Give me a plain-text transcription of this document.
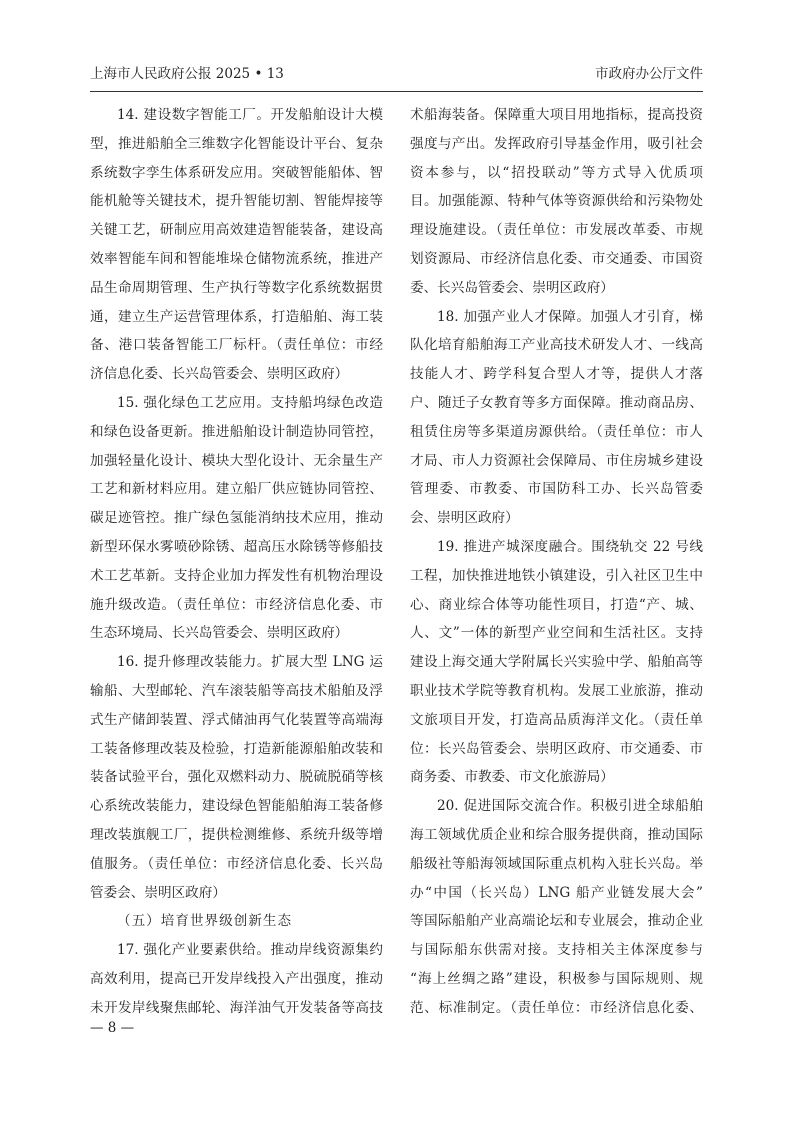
上海市人民政府公报 2025 • 13	市政府办公厅文件
14. 建设数字智能工厂。开发船舶设计大模
型，推进船舶全三维数字化智能设计平台、复杂
系统数字孪生体系研发应用。突破智能船体、智
能机舱等关键技术，提升智能切割、智能焊接等
关键工艺，研制应用高效建造智能装备，建设高
效率智能车间和智能堆垛仓储物流系统，推进产
品生命周期管理、生产执行等数字化系统数据贯
通，建立生产运营管理体系，打造船舶、海工装
备、港口装备智能工厂标杆。（责任单位：市经
济信息化委、长兴岛管委会、崇明区政府）
15. 强化绿色工艺应用。支持船坞绿色改造
和绿色设备更新。推进船舶设计制造协同管控，
加强轻量化设计、模块大型化设计、无余量生产
工艺和新材料应用。建立船厂供应链协同管控、
碳足迹管控。推广绿色氢能消纳技术应用，推动
新型环保水雾喷砂除锈、超高压水除锈等修船技
术工艺革新。支持企业加力挥发性有机物治理设
施升级改造。（责任单位：市经济信息化委、市
生态环境局、长兴岛管委会、崇明区政府）
16. 提升修理改装能力。扩展大型 LNG 运
输船、大型邮轮、汽车滚装船等高技术船舶及浮
式生产储卸装置、浮式储油再气化装置等高端海
工装备修理改装及检验，打造新能源船舶改装和
装备试验平台，强化双燃料动力、脱硫脱硝等核
心系统改装能力，建设绿色智能船舶海工装备修
理改装旗舰工厂，提供检测维修、系统升级等增
值服务。（责任单位：市经济信息化委、长兴岛
管委会、崇明区政府）
（五）培育世界级创新生态
17. 强化产业要素供给。推动岸线资源集约
高效利用，提高已开发岸线投入产出强度，推动
未开发岸线聚焦邮轮、海洋油气开发装备等高技
术船海装备。保障重大项目用地指标，提高投资
强度与产出。发挥政府引导基金作用，吸引社会
资本参与，以“招投联动”等方式导入优质项
目。加强能源、特种气体等资源供给和污染物处
理设施建设。（责任单位：市发展改革委、市规
划资源局、市经济信息化委、市交通委、市国资
委、长兴岛管委会、崇明区政府）
18. 加强产业人才保障。加强人才引育，梯
队化培育船舶海工产业高技术研发人才、一线高
技能人才、跨学科复合型人才等，提供人才落
户、随迁子女教育等多方面保障。推动商品房、
租赁住房等多渠道房源供给。（责任单位：市人
才局、市人力资源社会保障局、市住房城乡建设
管理委、市教委、市国防科工办、长兴岛管委
会、崇明区政府）
19. 推进产城深度融合。围绕轨交 22 号线
工程，加快推进地铁小镇建设，引入社区卫生中
心、商业综合体等功能性项目，打造“产、城、
人、文”一体的新型产业空间和生活社区。支持
建设上海交通大学附属长兴实验中学、船舶高等
职业技术学院等教育机构。发展工业旅游，推动
文旅项目开发，打造高品质海洋文化。（责任单
位：长兴岛管委会、崇明区政府、市交通委、市
商务委、市教委、市文化旅游局）
20. 促进国际交流合作。积极引进全球船舶
海工领域优质企业和综合服务提供商，推动国际
船级社等船海领域国际重点机构入驻长兴岛。举
办“中国（长兴岛）LNG 船产业链发展大会”
等国际船舶产业高端论坛和专业展会，推动企业
与国际船东供需对接。支持相关主体深度参与
“海上丝绸之路”建设，积极参与国际规则、规
范、标准制定。（责任单位：市经济信息化委、
— 8 —
